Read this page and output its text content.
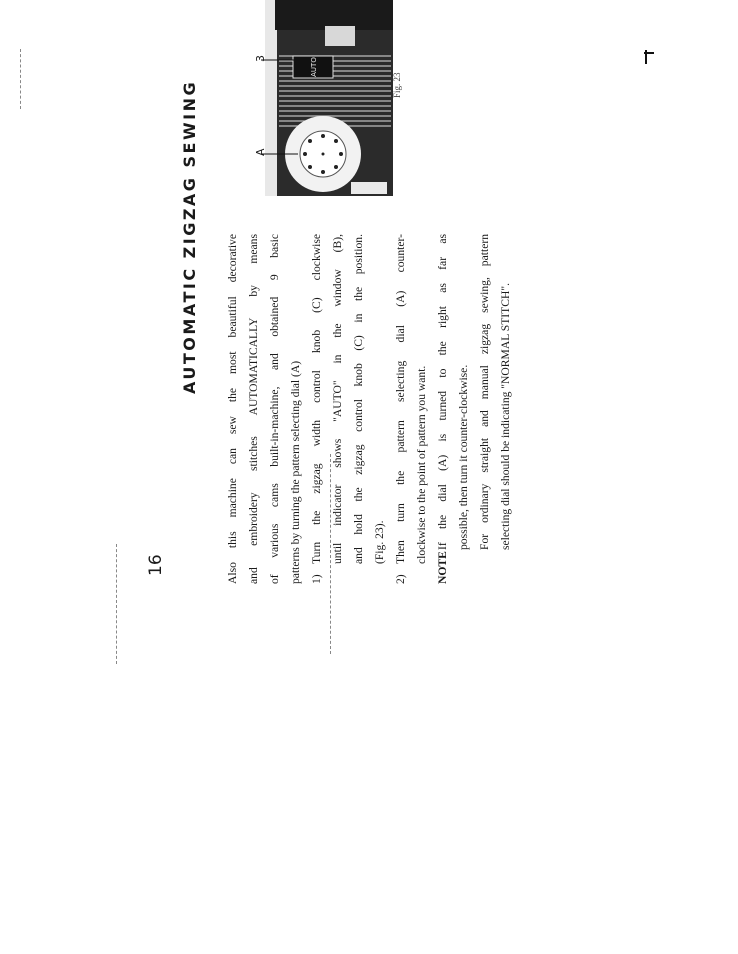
16
AUTOMATIC ZIGZAG SEWING	Also this machine can sew the most beautiful decorative and embroidery stitches AUTOMATICALLY by means of various cams built-in-machine, and obtained 9 basic patterns by turning the pattern selecting dial (A) 1)

Turn the zigzag width control knob (C) clockwise until indicator shows "AUTO" in the window (B), and hold the zigzag control knob (C) in the position. (Fig. 23).

2)

Then turn the pattern selecting dial (A) counter- clockwise to the point of pattern you want.

NOTE

If the dial (A) is turned to the right as far as possible, then turn it counter-clockwise. For ordinary straight and manual zigzag sewing, pattern selecting dial should be indicating "NORMAL STITCH".

AUTO
A
3
Fig. 23
